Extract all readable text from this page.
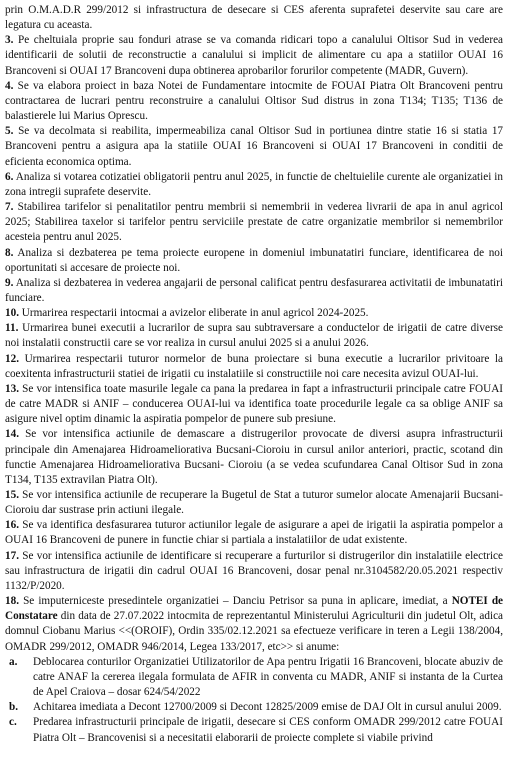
prin O.M.A.D.R 299/2012 si infrastructura de desecare si CES aferenta suprafetei deservite sau care are legatura cu aceasta.

3. Pe cheltuiala proprie sau fonduri atrase se va comanda ridicari topo a canalului Oltisor Sud in vederea identificarii de solutii de reconstructie a canalului si implicit de alimentare cu apa a statiilor OUAI 16 Brancoveni si OUAI 17 Brancoveni dupa obtinerea aprobarilor forurilor competente (MADR, Guvern).

4. Se va elabora proiect in baza Notei de Fundamentare intocmite de FOUAI Piatra Olt Brancoveni pentru contractarea de lucrari pentru reconstruire a canalului Oltisor Sud distrus in zona T134; T135; T136 de balastierele lui Marius Oprescu.

5. Se va decolmata si reabilita, impermeabiliza canal Oltisor Sud in portiunea dintre statie 16 si statia 17 Brancoveni pentru a asigura apa la statiile OUAI 16 Brancoveni si OUAI 17 Brancoveni in conditii de eficienta economica optima.

6. Analiza si votarea cotizatiei obligatorii pentru anul 2025, in functie de cheltuielile curente ale organizatiei in zona intregii suprafete deservite.

7. Stabilirea tarifelor si penalitatilor pentru membrii si nemembrii in vederea livrarii de apa in anul agricol 2025; Stabilirea taxelor si tarifelor pentru serviciile prestate de catre organizatie membrilor si nemembrilor acesteia pentru anul 2025.

8. Analiza si dezbaterea pe tema proiecte europene in domeniul imbunatatiri funciare, identificarea de noi oportunitati si accesare de proiecte noi.

9. Analiza si dezbaterea in vederea angajarii de personal calificat pentru desfasurarea activitatii de imbunatatiri funciare.

10. Urmarirea respectarii intocmai a avizelor eliberate in anul agricol 2024-2025.

11. Urmarirea bunei executii a lucrarilor de supra sau subtraversare a conductelor de irigatii de catre diverse noi instalatii constructii care se vor realiza in cursul anului 2025 si a anului 2026.

12. Urmarirea respectarii tuturor normelor de buna proiectare si buna executie a lucrarilor privitoare la coexitenta infrastructurii statiei de irigatii cu instalatiile si constructiile noi care necesita avizul OUAI-lui.

13. Se vor intensifica toate masurile legale ca pana la predarea in fapt a infrastructurii principale catre FOUAI de catre MADR si ANIF – conducerea OUAI-lui va identifica toate procedurile legale ca sa oblige ANIF sa asigure nivel optim dinamic la aspiratia pompelor de punere sub presiune.

14. Se vor intensifica actiunile de demascare a distrugerilor provocate de diversi asupra infrastructurii principale din Amenajarea Hidroameliorativa Bucsani-Cioroiu in cursul anilor anteriori, practic, scotand din functie Amenajarea Hidroameliorativa Bucsani- Cioroiu (a se vedea scufundarea Canal Oltisor Sud in zona T134, T135 extravilan Piatra Olt).

15. Se vor intensifica actiunile de recuperare la Bugetul de Stat a tuturor sumelor alocate Amenajarii Bucsani-Cioroiu dar sustrase prin actiuni ilegale.

16. Se va identifica desfasurarea tuturor actiunilor legale de asigurare a apei de irigatii la aspiratia pompelor a OUAI 16 Brancoveni de punere in functie chiar si partiala a instalatiilor de udat existente.

17. Se vor intensifica actiunile de identificare si recuperare a furturilor si distrugerilor din instalatiile electrice sau infrastructura de irigatii din cadrul OUAI 16 Brancoveni, dosar penal nr.3104582/20.05.2021 respectiv 1132/P/2020.

18. Se imputerniceste presedintele organizatiei – Danciu Petrisor sa puna in aplicare, imediat, a NOTEI de Constatare din data de 27.07.2022 intocmita de reprezentantul Ministerului Agriculturii din judetul Olt, adica domnul Ciobanu Marius <<(OROIF), Ordin 335/02.12.2021 sa efectueze verificare in teren a Legii 138/2004, OMADR 299/2012, OMADR 946/2014, Legea 133/2017, etc>> si anume:

a. Deblocarea conturilor Organizatiei Utilizatorilor de Apa pentru Irigatii 16 Brancoveni, blocate abuziv de catre ANAF la cererea ilegala formulata de AFIR in conventa cu MADR, ANIF si instanta de la Curtea de Apel Craiova – dosar 624/54/2022
b. Achitarea imediata a Decont 12700/2009 si Decont 12825/2009 emise de DAJ Olt in cursul anului 2009.
c. Predarea infrastructurii principale de irigatii, desecare si CES conform OMADR 299/2012 catre FOUAI Piatra Olt – Brancovenisi si a necesitatii elaborarii de proiecte complete si viabile privind
